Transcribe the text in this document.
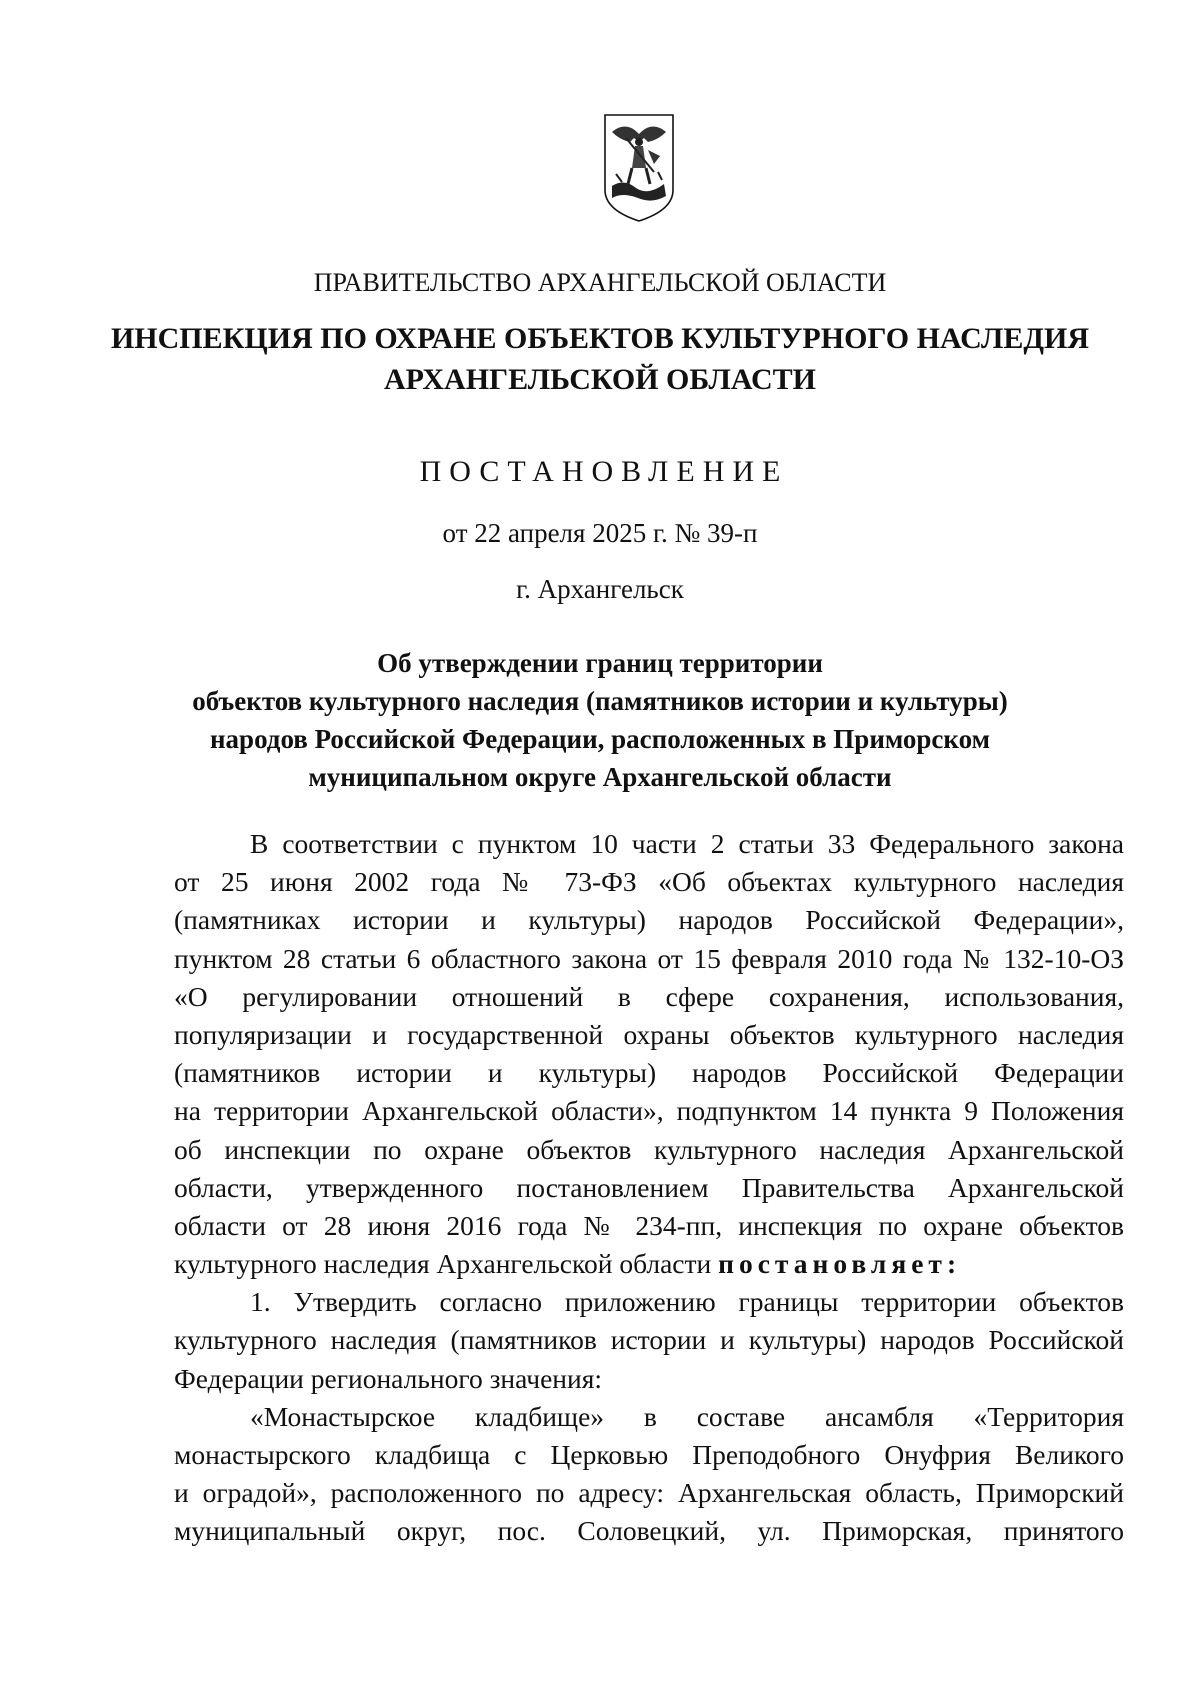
ПРАВИТЕЛЬСТВО АРХАНГЕЛЬСКОЙ ОБЛАСТИ
ИНСПЕКЦИЯ ПО ОХРАНЕ ОБЪЕКТОВ КУЛЬТУРНОГО НАСЛЕДИЯ
АРХАНГЕЛЬСКОЙ ОБЛАСТИ
ПОСТАНОВЛЕНИЕ
от 22 апреля 2025 г. № 39-п
г. Архангельск
Об утверждении границ территории
объектов культурного наследия (памятников истории и культуры)
народов Российской Федерации, расположенных в Приморском
муниципальном округе Архангельской области
В соответствии с пунктом 10 части 2 статьи 33 Федерального закона
от 25 июня 2002 года № 73-ФЗ «Об объектах культурного наследия
(памятниках истории и культуры) народов Российской Федерации»,
пунктом 28 статьи 6 областного закона от 15 февраля 2010 года № 132-10-ОЗ
«О регулировании отношений в сфере сохранения, использования,
популяризации и государственной охраны объектов культурного наследия
(памятников истории и культуры) народов Российской Федерации
на территории Архангельской области», подпунктом 14 пункта 9 Положения
об инспекции по охране объектов культурного наследия Архангельской
области, утвержденного постановлением Правительства Архангельской
области от 28 июня 2016 года № 234-пп, инспекция по охране объектов
культурного наследия Архангельской области постановляет:
1. Утвердить согласно приложению границы территории объектов
культурного наследия (памятников истории и культуры) народов Российской
Федерации регионального значения:
«Монастырское кладбище» в составе ансамбля «Территория
монастырского кладбища с Церковью Преподобного Онуфрия Великого
и оградой», расположенного по адресу: Архангельская область, Приморский
муниципальный округ, пос. Соловецкий, ул. Приморская, принятого
